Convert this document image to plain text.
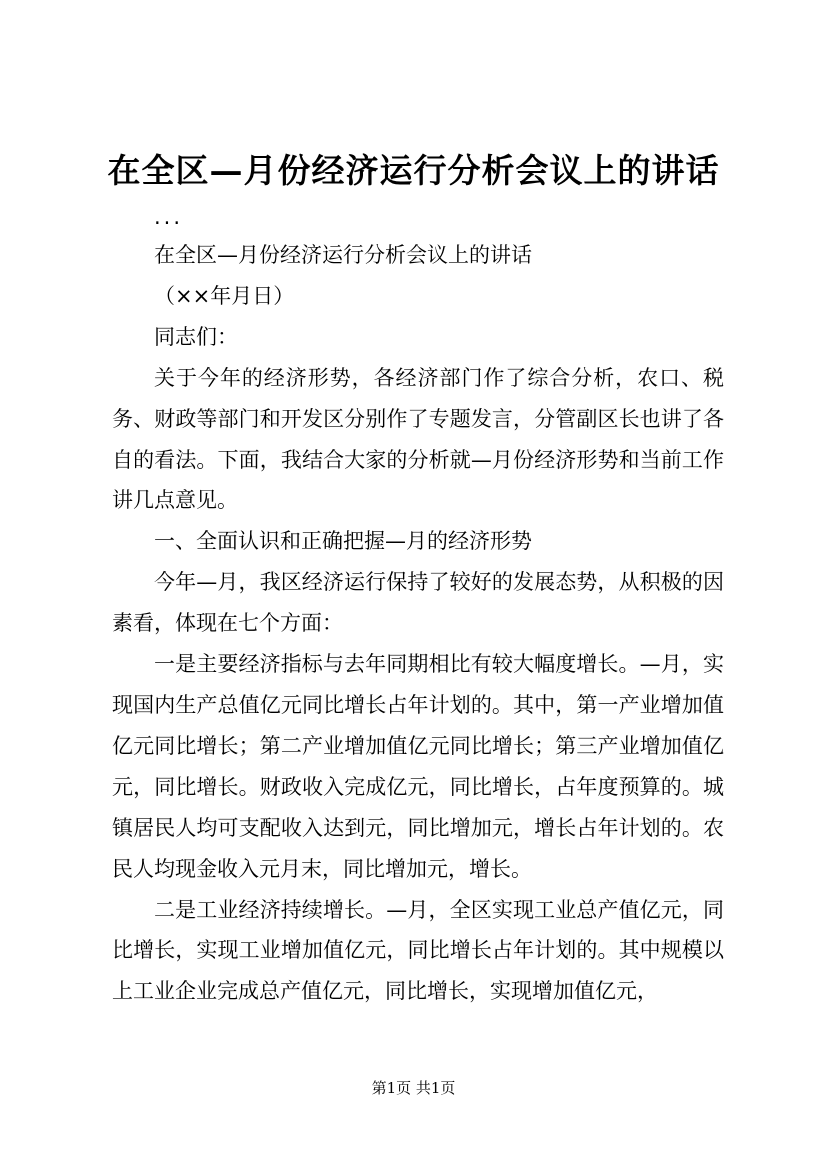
在全区—月份经济运行分析会议上的讲话

...

在全区—月份经济运行分析会议上的讲话

（××年月日）

同志们：

关于今年的经济形势，各经济部门作了综合分析，农口、税务、财政等部门和开发区分别作了专题发言，分管副区长也讲了各自的看法。下面，我结合大家的分析就—月份经济形势和当前工作讲几点意见。

一、全面认识和正确把握—月的经济形势

今年—月，我区经济运行保持了较好的发展态势，从积极的因素看，体现在七个方面：

一是主要经济指标与去年同期相比有较大幅度增长。—月，实现国内生产总值亿元同比增长占年计划的。其中，第一产业增加值亿元同比增长；第二产业增加值亿元同比增长；第三产业增加值亿元，同比增长。财政收入完成亿元，同比增长，占年度预算的。城镇居民人均可支配收入达到元，同比增加元，增长占年计划的。农民人均现金收入元月末，同比增加元，增长。

二是工业经济持续增长。—月，全区实现工业总产值亿元，同比增长，实现工业增加值亿元，同比增长占年计划的。其中规模以上工业企业完成总产值亿元，同比增长，实现增加值亿元，

第1页 共1页
